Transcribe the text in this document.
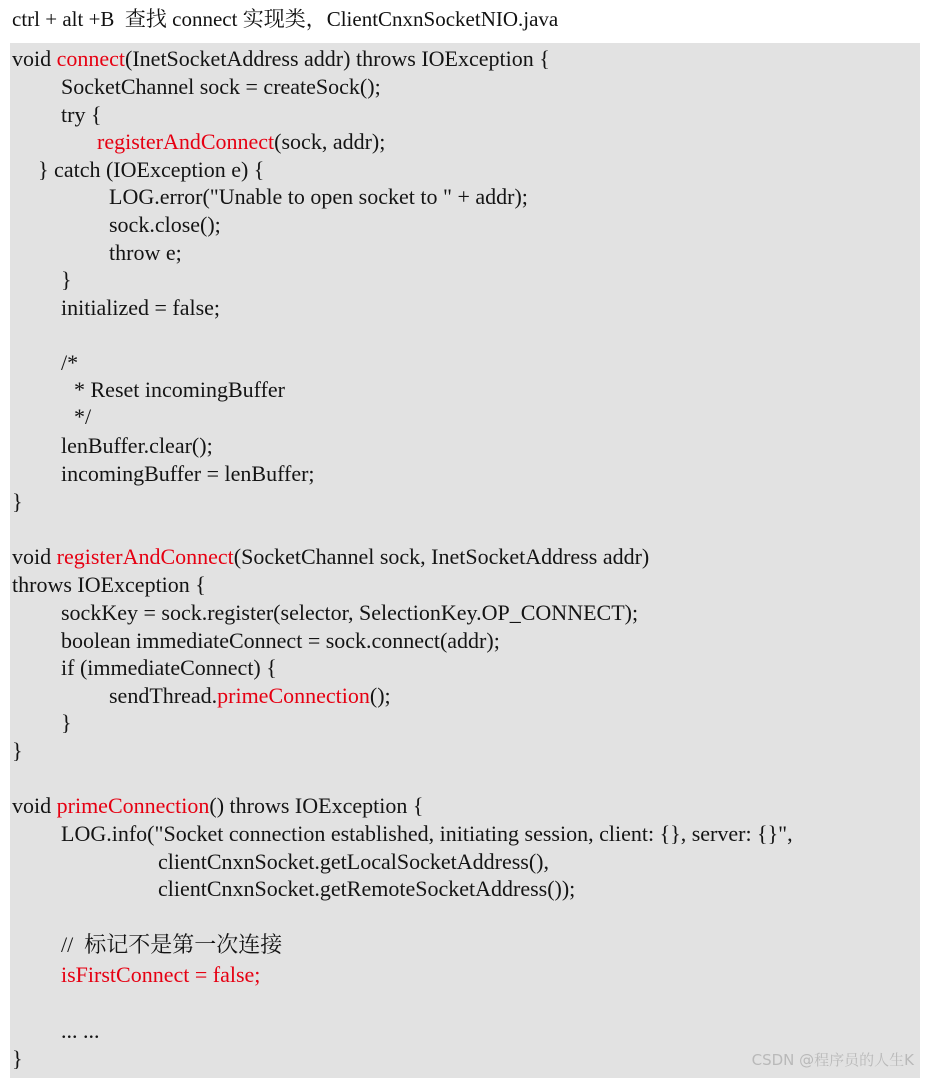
ctrl + alt +B  查找 connect 实现类，ClientCnxnSocketNIO.java
void connect(InetSocketAddress addr) throws IOException {
SocketChannel sock = createSock();
try {
registerAndConnect(sock, addr);
} catch (IOException e) {
LOG.error("Unable to open socket to " + addr);
sock.close();
throw e;
}
initialized = false;
/*
* Reset incomingBuffer
*/
lenBuffer.clear();
incomingBuffer = lenBuffer;
}
void registerAndConnect(SocketChannel sock, InetSocketAddress addr)
throws IOException {
sockKey = sock.register(selector, SelectionKey.OP_CONNECT);
boolean immediateConnect = sock.connect(addr);
if (immediateConnect) {
sendThread.primeConnection();
}
}
void primeConnection() throws IOException {
LOG.info("Socket connection established, initiating session, client: {}, server: {}",
clientCnxnSocket.getLocalSocketAddress(),
clientCnxnSocket.getRemoteSocketAddress());
//  标记不是第一次连接
isFirstConnect = false;
... ...
}	CSDN @程序员的人生K
